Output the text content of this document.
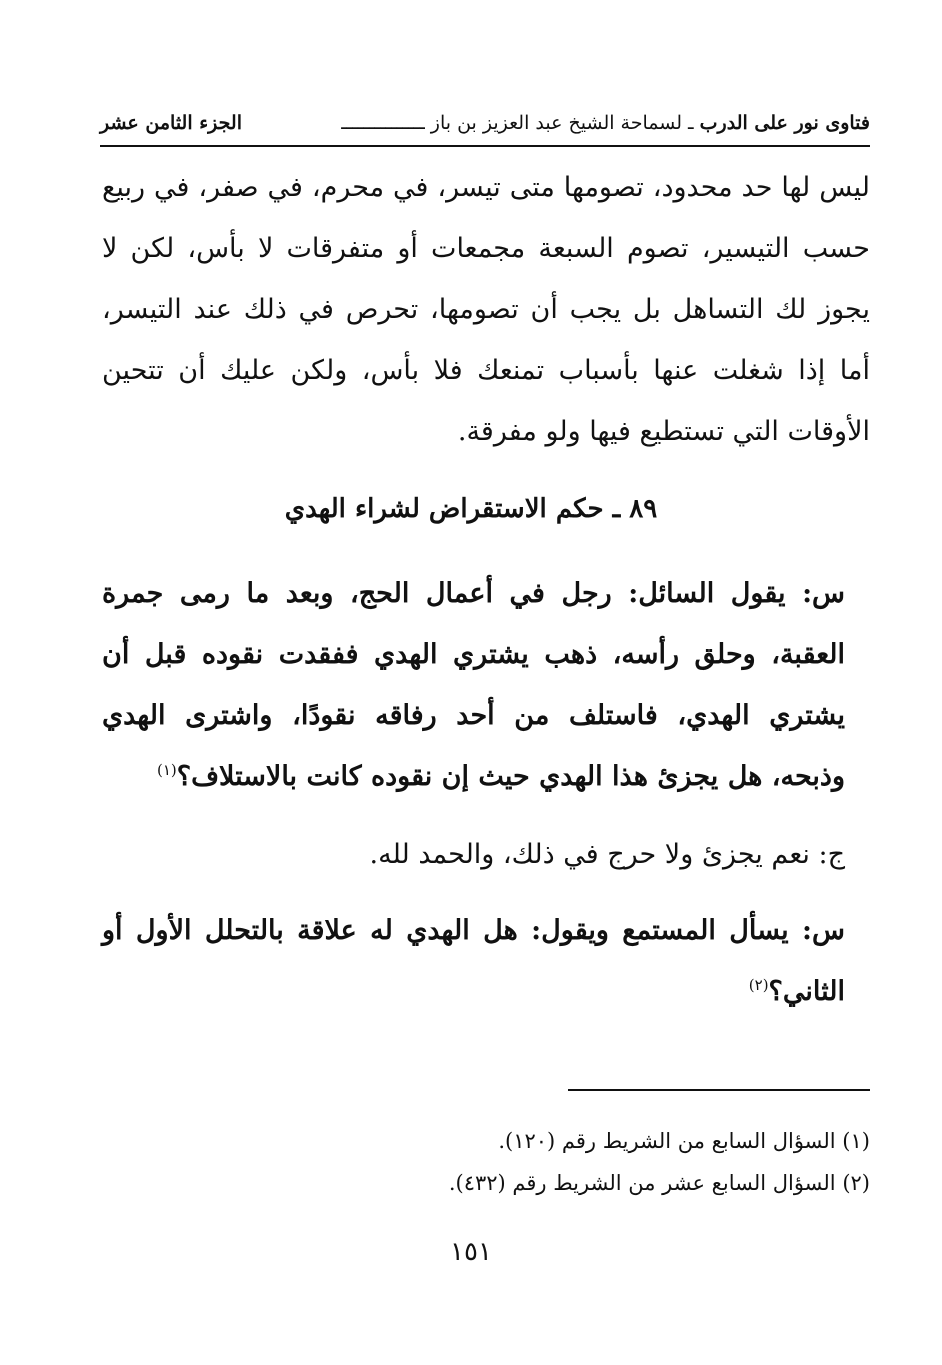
فتاوى نور على الدرب ـ لسماحة الشيخ عبد العزيز بن باز ـــــــــــــــ
الجزء الثامن عشر
ليس لها حد محدود، تصومها متى تيسر، في محرم، في صفر، في ربيع حسب التيسير، تصوم السبعة مجمعات أو متفرقات لا بأس، لكن لا يجوز لك التساهل بل يجب أن تصومها، تحرص في ذلك عند التيسر، أما إذا شغلت عنها بأسباب تمنعك فلا بأس، ولكن عليك أن تتحين الأوقات التي تستطيع فيها ولو مفرقة.
٨٩ ـ حكم الاستقراض لشراء الهدي
س: يقول السائل: رجل في أعمال الحج، وبعد ما رمى جمرة العقبة، وحلق رأسه، ذهب يشتري الهدي ففقدت نقوده قبل أن يشتري الهدي، فاستلف من أحد رفاقه نقودًا، واشترى الهدي وذبحه، هل يجزئ هذا الهدي حيث إن نقوده كانت بالاستلاف؟$^{(١)}$
ج: نعم يجزئ ولا حرج في ذلك، والحمد لله.
س: يسأل المستمع ويقول: هل الهدي له علاقة بالتحلل الأول أو الثاني؟$^{(٢)}$
(١) السؤال السابع من الشريط رقم (١٢٠).
(٢) السؤال السابع عشر من الشريط رقم (٤٣٢).
١٥١
